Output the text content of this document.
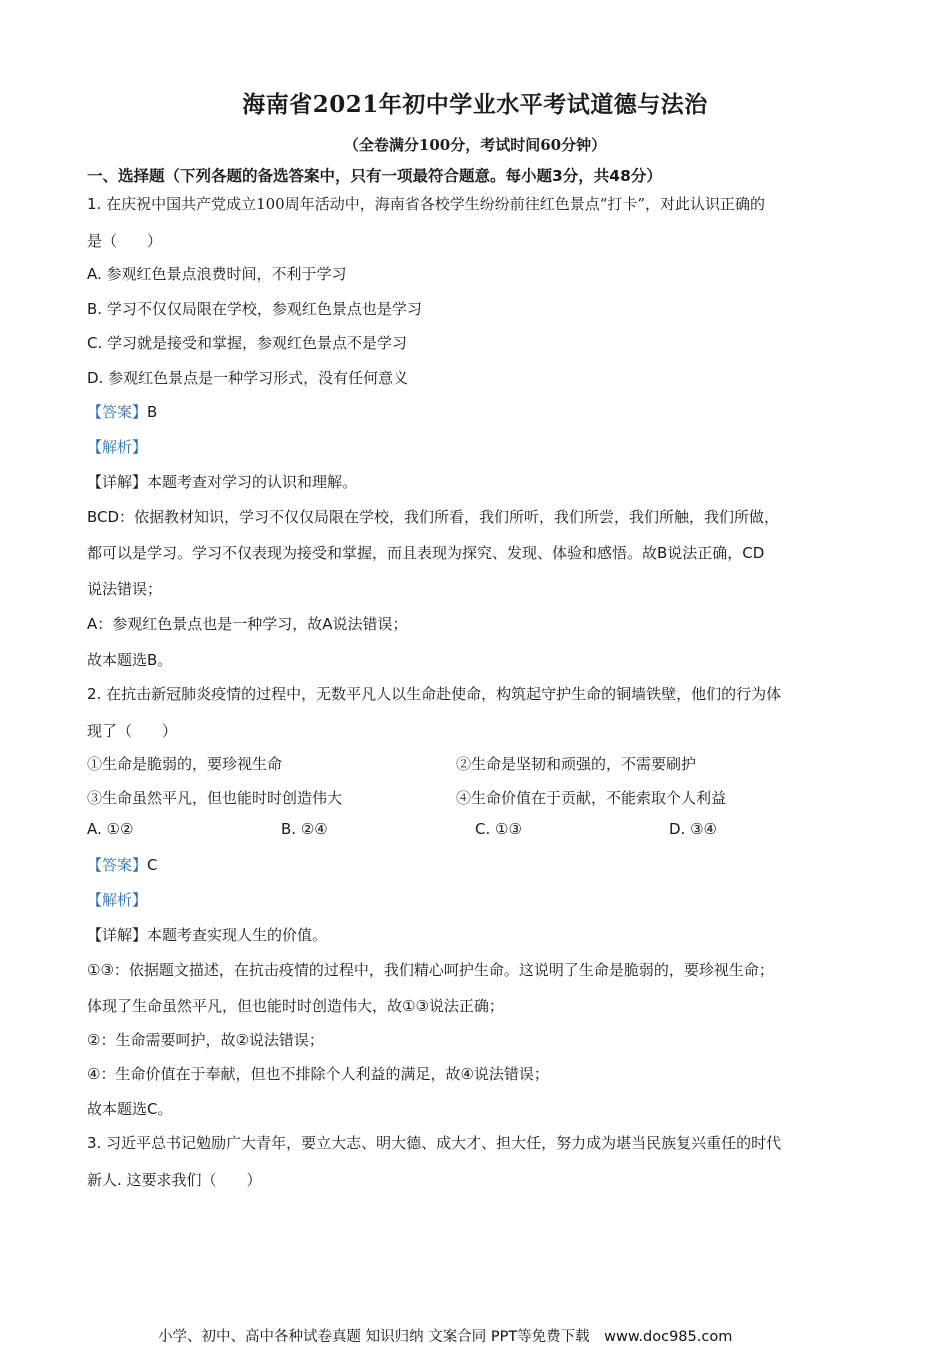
海南省2021年初中学业水平考试道德与法治
（全卷满分100分，考试时间60分钟）
一、选择题（下列各题的备选答案中，只有一项最符合题意。每小题3分，共48分）
1. 在庆祝中国共产党成立100周年活动中，海南省各校学生纷纷前往红色景点“打卡”，对此认识正确的
是（　　）
A. 参观红色景点浪费时间，不利于学习
B. 学习不仅仅局限在学校，参观红色景点也是学习
C. 学习就是接受和掌握，参观红色景点不是学习
D. 参观红色景点是一种学习形式，没有任何意义
【答案】B
【解析】
【详解】本题考查对学习的认识和理解。
BCD：依据教材知识，学习不仅仅局限在学校，我们所看，我们所听，我们所尝，我们所触，我们所做，
都可以是学习。学习不仅表现为接受和掌握，而且表现为探究、发现、体验和感悟。故B说法正确，CD
说法错误；
A：参观红色景点也是一种学习，故A说法错误；
故本题选B。
2. 在抗击新冠肺炎疫情的过程中，无数平凡人以生命赴使命，构筑起守护生命的铜墙铁壁，他们的行为体
现了（　　）
①生命是脆弱的，要珍视生命	②生命是坚韧和顽强的，不需要刷护
③生命虽然平凡，但也能时时创造伟大	④生命价值在于贡献，不能索取个人利益
A. ①②	B. ②④	C. ①③	D. ③④
【答案】C
【解析】
【详解】本题考查实现人生的价值。
①③：依据题文描述，在抗击疫情的过程中，我们精心呵护生命。这说明了生命是脆弱的，要珍视生命；
体现了生命虽然平凡，但也能时时创造伟大，故①③说法正确；
②：生命需要呵护，故②说法错误；
④：生命价值在于奉献，但也不排除个人利益的满足，故④说法错误；
故本题选C。
3. 习近平总书记勉励广大青年，要立大志、明大德、成大才、担大任，努力成为堪当民族复兴重任的时代
新人. 这要求我们（　　）
小学、初中、高中各种试卷真题 知识归纳 文案合同 PPT等免费下载　www.doc985.com
